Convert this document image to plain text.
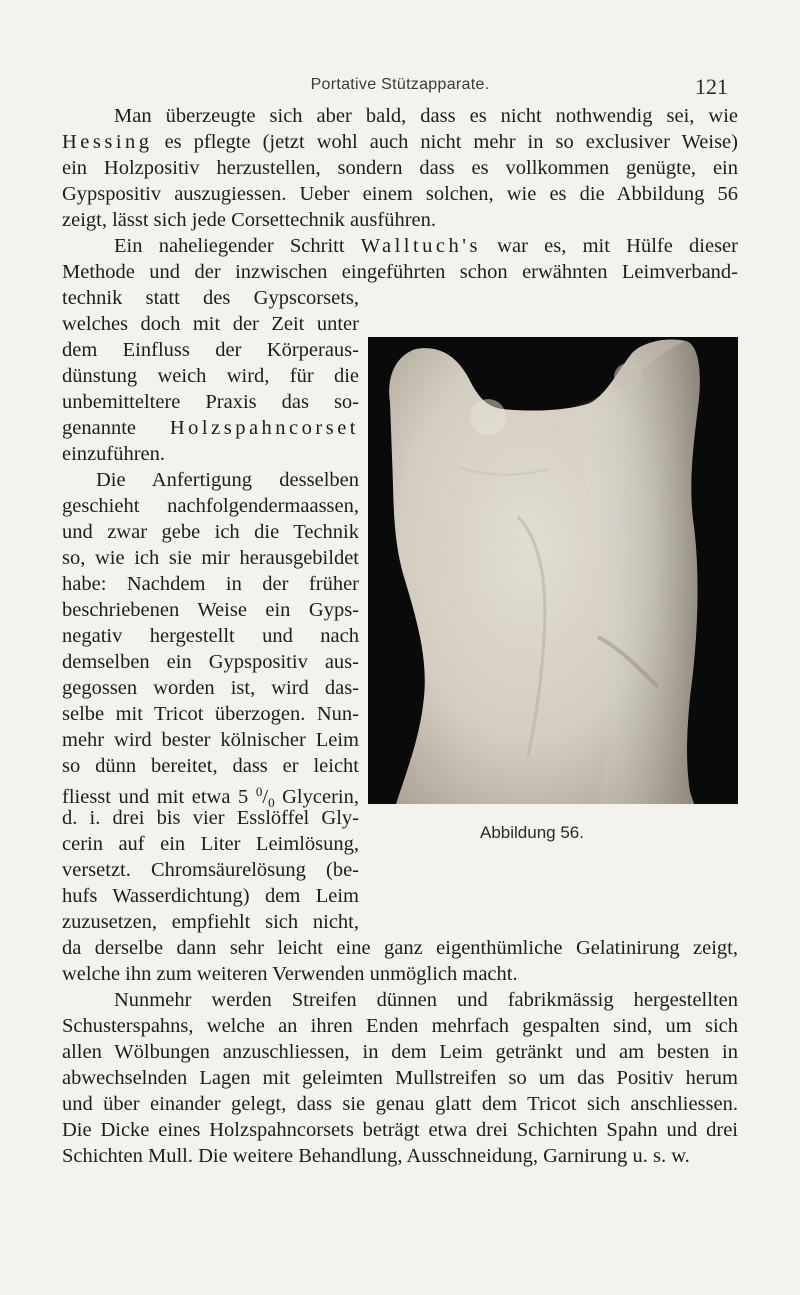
Portative Stützapparate.	121
Man überzeugte sich aber bald, dass es nicht nothwendig sei, wie
Hessing es pflegte (jetzt wohl auch nicht mehr in so exclusiver Weise)
ein Holzpositiv herzustellen, sondern dass es vollkommen genügte, ein
Gypspositiv auszugiessen. Ueber einem solchen, wie es die Abbildung 56
zeigt, lässt sich jede Corsettechnik ausführen.
Ein naheliegender Schritt Walltuch's war es, mit Hülfe dieser
Methode und der inzwischen eingeführten schon erwähnten Leimverband-
technik statt des Gypscorsets,
welches doch mit der Zeit unter
dem Einfluss der Körperaus-
dünstung weich wird, für die
unbemitteltere Praxis das so-
genannte Holzspahncorset
einzuführen.
Die Anfertigung desselben
geschieht nachfolgendermaassen,
und zwar gebe ich die Technik
so, wie ich sie mir herausgebildet
habe: Nachdem in der früher
beschriebenen Weise ein Gyps-
negativ hergestellt und nach
demselben ein Gypspositiv aus-
gegossen worden ist, wird das-
selbe mit Tricot überzogen. Nun-
mehr wird bester kölnischer Leim
so dünn bereitet, dass er leicht
fliesst und mit etwa 5 $^0/_0$ Glycerin,
d. i. drei bis vier Esslöffel Gly-
cerin auf ein Liter Leimlösung,
versetzt. Chromsäurelösung (be-
hufs Wasserdichtung) dem Leim
zuzusetzen, empfiehlt sich nicht,
da derselbe dann sehr leicht eine ganz eigenthümliche Gelatinirung zeigt,
welche ihn zum weiteren Verwenden unmöglich macht.
Nunmehr werden Streifen dünnen und fabrikmässig hergestellten
Schusterspahns, welche an ihren Enden mehrfach gespalten sind, um sich
allen Wölbungen anzuschliessen, in dem Leim getränkt und am besten in
abwechselnden Lagen mit geleimten Mullstreifen so um das Positiv herum
und über einander gelegt, dass sie genau glatt dem Tricot sich anschliessen.
Die Dicke eines Holzspahncorsets beträgt etwa drei Schichten Spahn und drei
Schichten Mull. Die weitere Behandlung, Ausschneidung, Garnirung u. s. w.
Abbildung 56.
